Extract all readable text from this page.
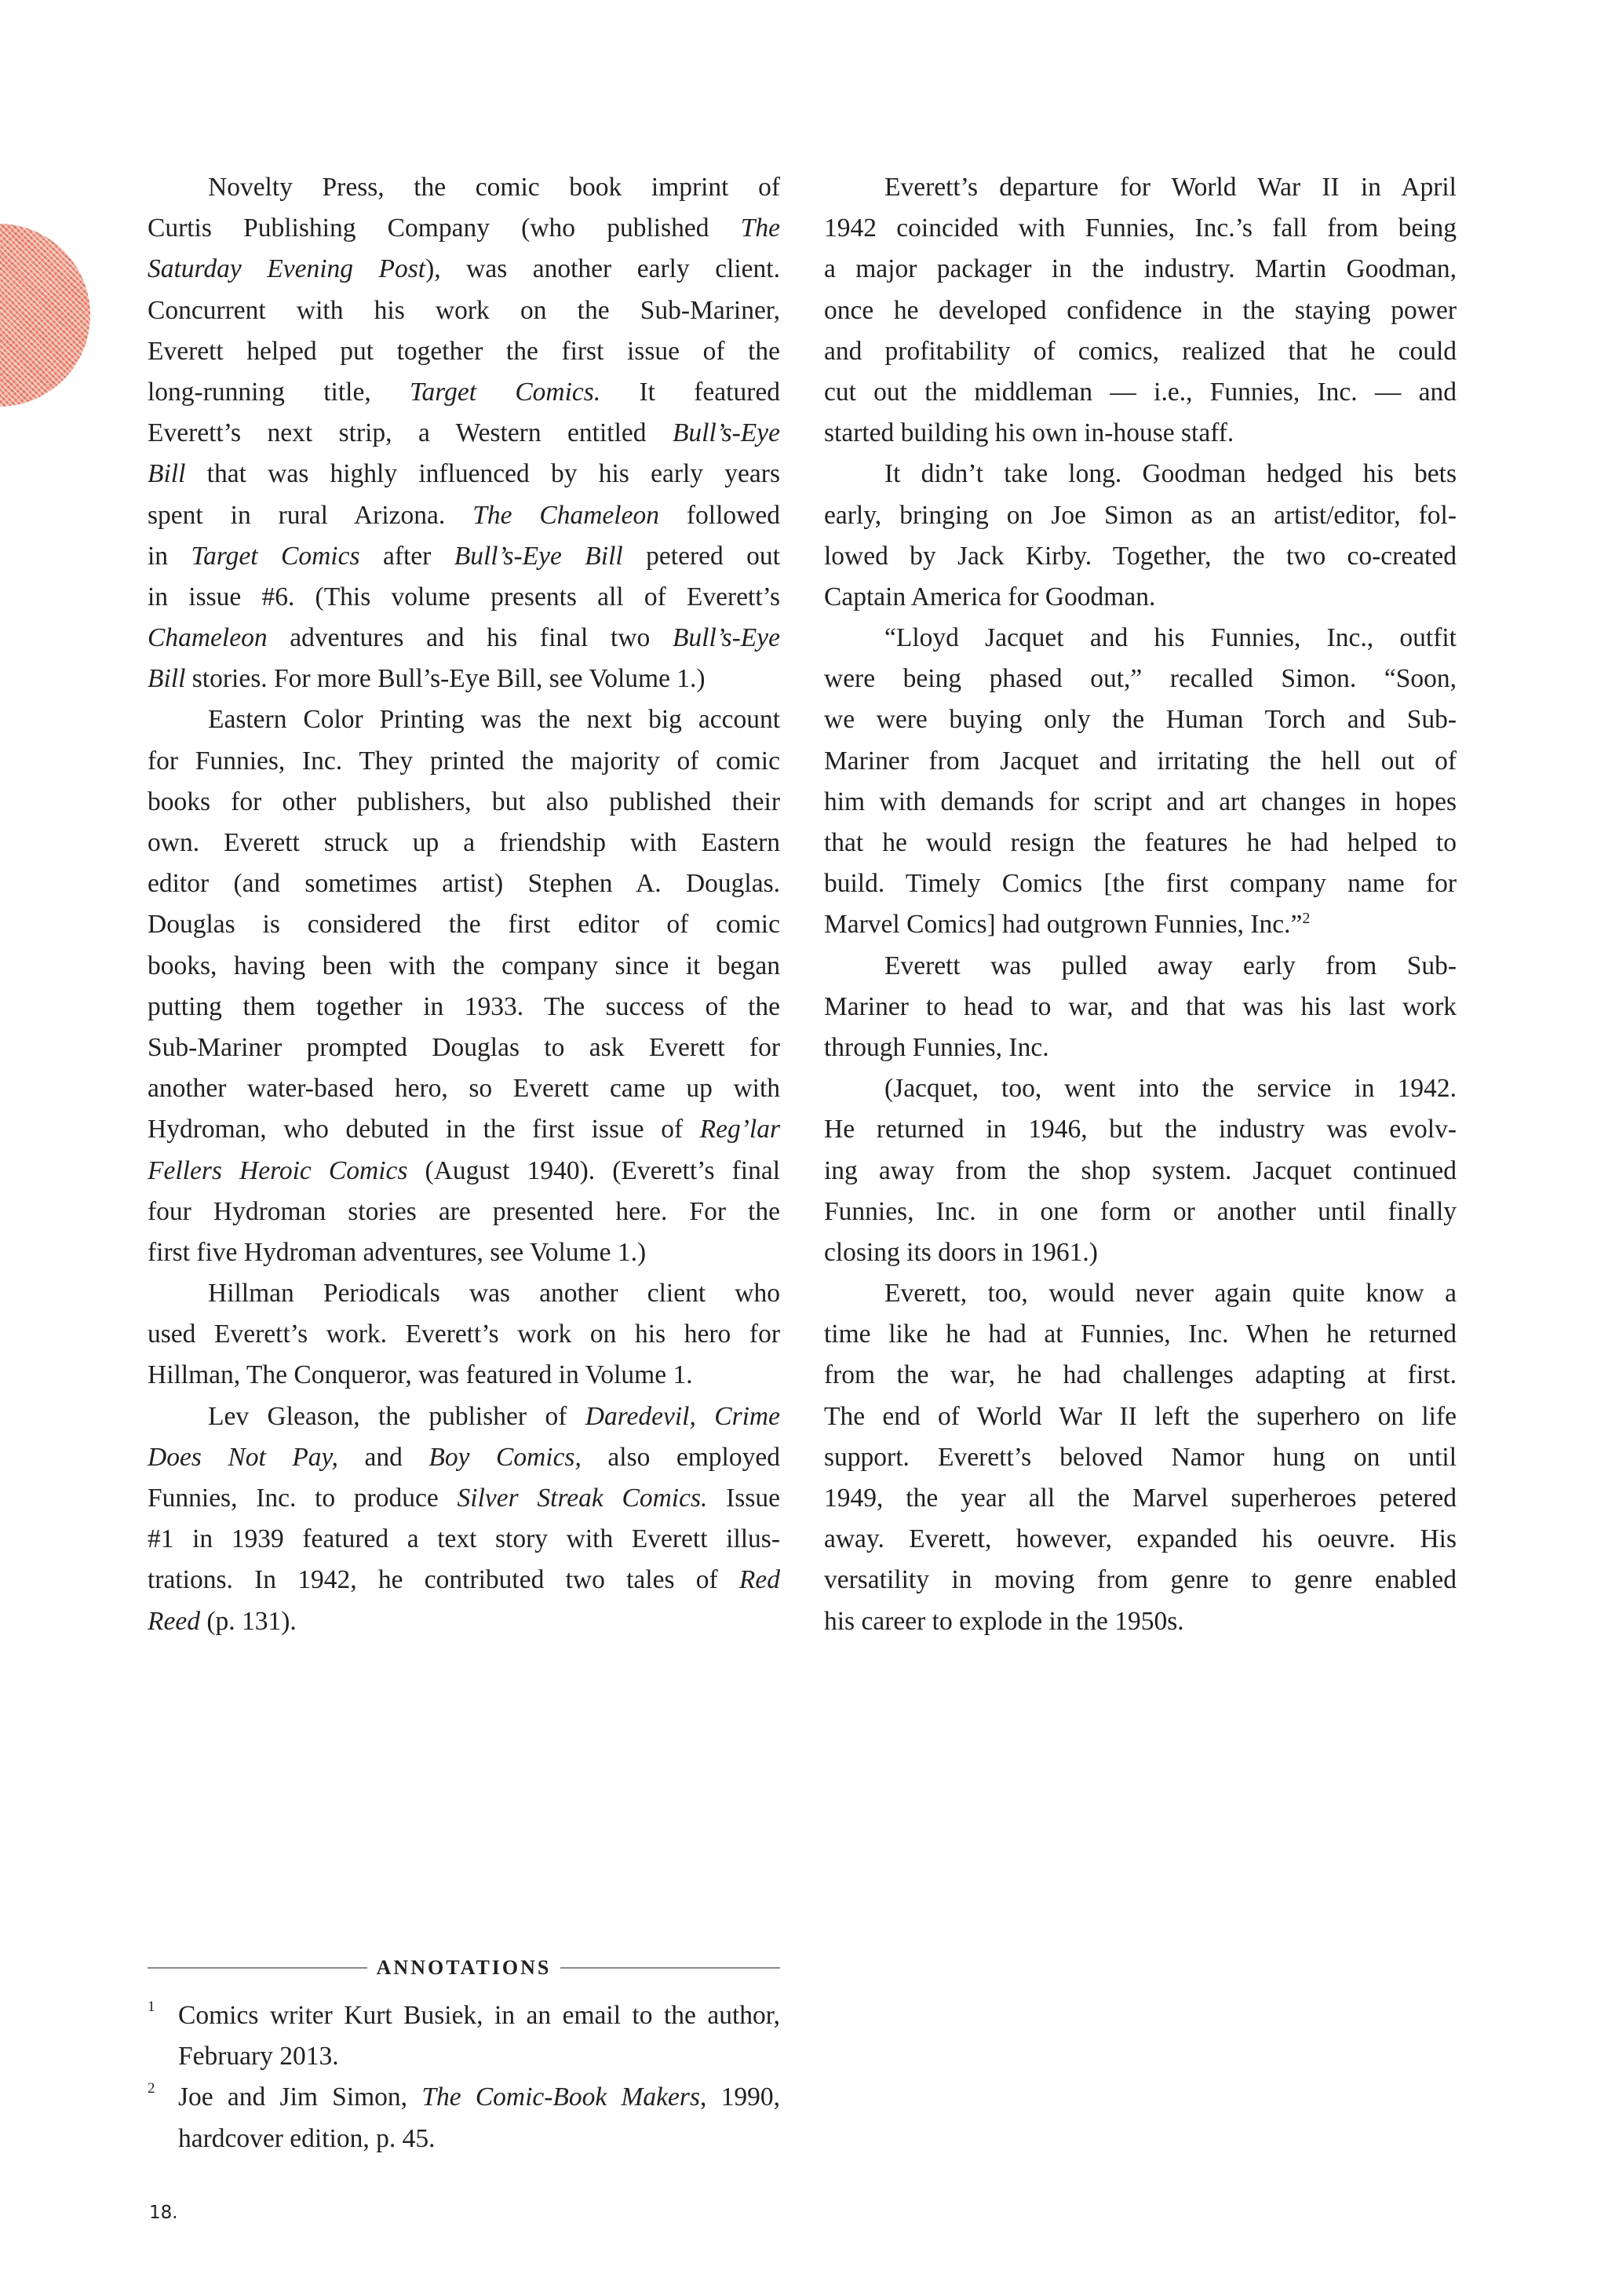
Novelty Press, the comic book imprint of
Curtis Publishing Company (who published The
Saturday Evening Post), was another early client.
Concurrent with his work on the Sub-Mariner,
Everett helped put together the first issue of the
long-running title, Target Comics. It featured
Everett’s next strip, a Western entitled Bull’s-Eye
Bill that was highly influenced by his early years
spent in rural Arizona. The Chameleon followed
in Target Comics after Bull’s-Eye Bill petered out
in issue #6. (This volume presents all of Everett’s
Chameleon adventures and his final two Bull’s-Eye
Bill stories. For more Bull’s-Eye Bill, see Volume 1.)
Eastern Color Printing was the next big account
for Funnies, Inc. They printed the majority of comic
books for other publishers, but also published their
own. Everett struck up a friendship with Eastern
editor (and sometimes artist) Stephen A. Douglas.
Douglas is considered the first editor of comic
books, having been with the company since it began
putting them together in 1933. The success of the
Sub-Mariner prompted Douglas to ask Everett for
another water-based hero, so Everett came up with
Hydroman, who debuted in the first issue of Reg’lar
Fellers Heroic Comics (August 1940). (Everett’s final
four Hydroman stories are presented here. For the
first five Hydroman adventures, see Volume 1.)
Hillman Periodicals was another client who
used Everett’s work. Everett’s work on his hero for
Hillman, The Conqueror, was featured in Volume 1.
Lev Gleason, the publisher of Daredevil, Crime
Does Not Pay, and Boy Comics, also employed
Funnies, Inc. to produce Silver Streak Comics. Issue
#1 in 1939 featured a text story with Everett illus-
trations. In 1942, he contributed two tales of Red
Reed (p. 131).
Everett’s departure for World War II in April
1942 coincided with Funnies, Inc.’s fall from being
a major packager in the industry. Martin Goodman,
once he developed confidence in the staying power
and profitability of comics, realized that he could
cut out the middleman — i.e., Funnies, Inc. — and
started building his own in-house staff.
It didn’t take long. Goodman hedged his bets
early, bringing on Joe Simon as an artist/editor, fol-
lowed by Jack Kirby. Together, the two co-created
Captain America for Goodman.
“Lloyd Jacquet and his Funnies, Inc., outfit
were being phased out,” recalled Simon. “Soon,
we were buying only the Human Torch and Sub-
Mariner from Jacquet and irritating the hell out of
him with demands for script and art changes in hopes
that he would resign the features he had helped to
build. Timely Comics [the first company name for
Marvel Comics] had outgrown Funnies, Inc.”$^2$
Everett was pulled away early from Sub-
Mariner to head to war, and that was his last work
through Funnies, Inc.
(Jacquet, too, went into the service in 1942.
He returned in 1946, but the industry was evolv-
ing away from the shop system. Jacquet continued
Funnies, Inc. in one form or another until finally
closing its doors in 1961.)
Everett, too, would never again quite know a
time like he had at Funnies, Inc. When he returned
from the war, he had challenges adapting at first.
The end of World War II left the superhero on life
support. Everett’s beloved Namor hung on until
1949, the year all the Marvel superheroes petered
away. Everett, however, expanded his oeuvre. His
versatility in moving from genre to genre enabled
his career to explode in the 1950s.
ANNOTATIONS
1 Comics writer Kurt Busiek, in an email to the author,
February 2013.
2 Joe and Jim Simon, The Comic-Book Makers, 1990,
hardcover edition, p. 45.
18.
